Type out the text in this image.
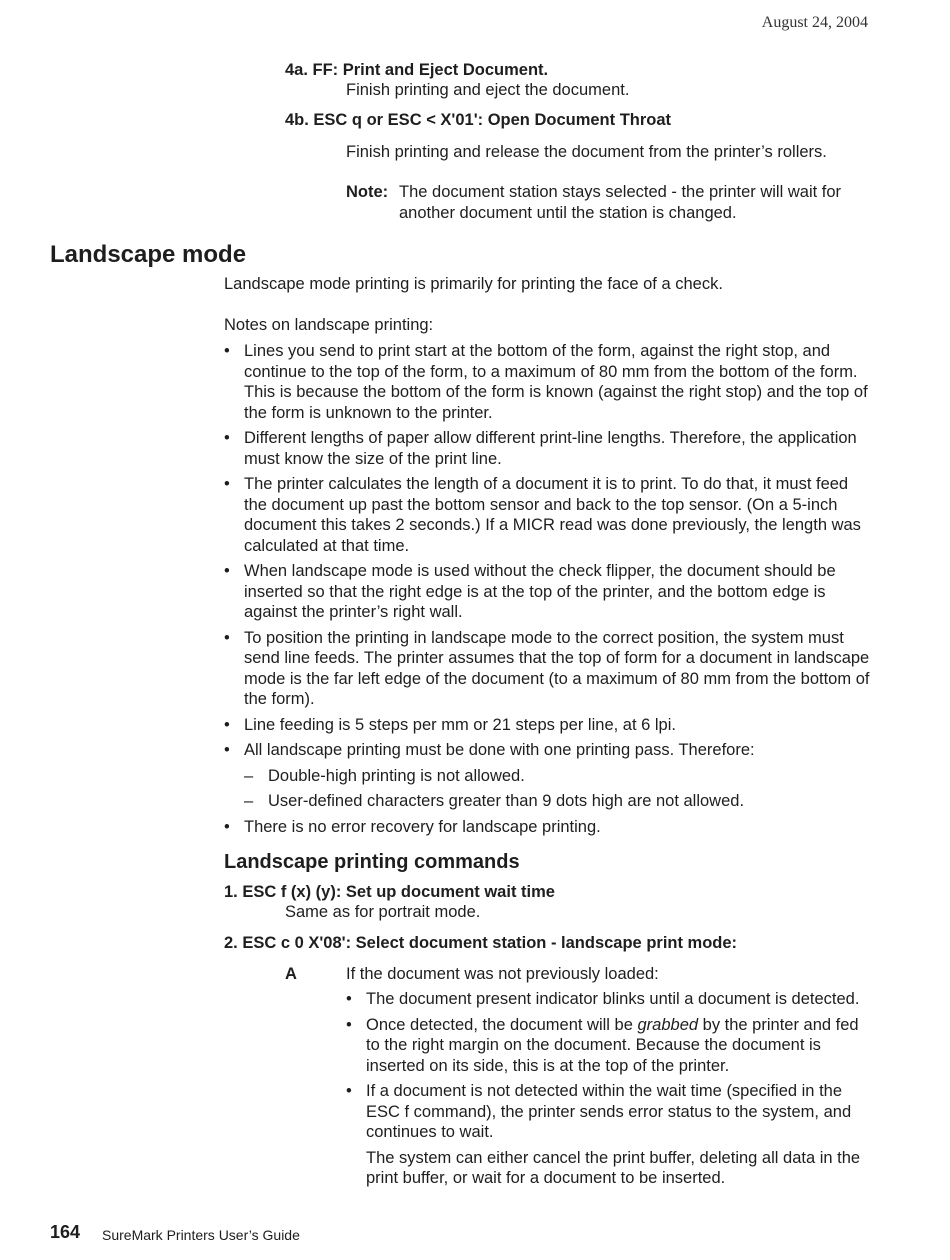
August 24, 2004
4a. FF: Print and Eject Document.
Finish printing and eject the document.
4b. ESC q or ESC < X'01': Open Document Throat
Finish printing and release the document from the printer’s rollers.
Note: The document station stays selected - the printer will wait for another document until the station is changed.
Landscape mode
Landscape mode printing is primarily for printing the face of a check.
Notes on landscape printing:
• Lines you send to print start at the bottom of the form, against the right stop, and continue to the top of the form, to a maximum of 80 mm from the bottom of the form. This is because the bottom of the form is known (against the right stop) and the top of the form is unknown to the printer.
• Different lengths of paper allow different print-line lengths. Therefore, the application must know the size of the print line.
• The printer calculates the length of a document it is to print. To do that, it must feed the document up past the bottom sensor and back to the top sensor. (On a 5-inch document this takes 2 seconds.) If a MICR read was done previously, the length was calculated at that time.
• When landscape mode is used without the check flipper, the document should be inserted so that the right edge is at the top of the printer, and the bottom edge is against the printer’s right wall.
• To position the printing in landscape mode to the correct position, the system must send line feeds. The printer assumes that the top of form for a document in landscape mode is the far left edge of the document (to a maximum of 80 mm from the bottom of the form).
• Line feeding is 5 steps per mm or 21 steps per line, at 6 lpi.
• All landscape printing must be done with one printing pass. Therefore:
– Double-high printing is not allowed.
– User-defined characters greater than 9 dots high are not allowed.
• There is no error recovery for landscape printing.
Landscape printing commands
1. ESC f (x) (y): Set up document wait time
Same as for portrait mode.
2. ESC c 0 X'08': Select document station - landscape print mode:
A	If the document was not previously loaded:
• The document present indicator blinks until a document is detected.
• Once detected, the document will be grabbed by the printer and fed to the right margin on the document. Because the document is inserted on its side, this is at the top of the printer.
• If a document is not detected within the wait time (specified in the ESC f command), the printer sends error status to the system, and continues to wait.
The system can either cancel the print buffer, deleting all data in the print buffer, or wait for a document to be inserted.
164 SureMark Printers User’s Guide
